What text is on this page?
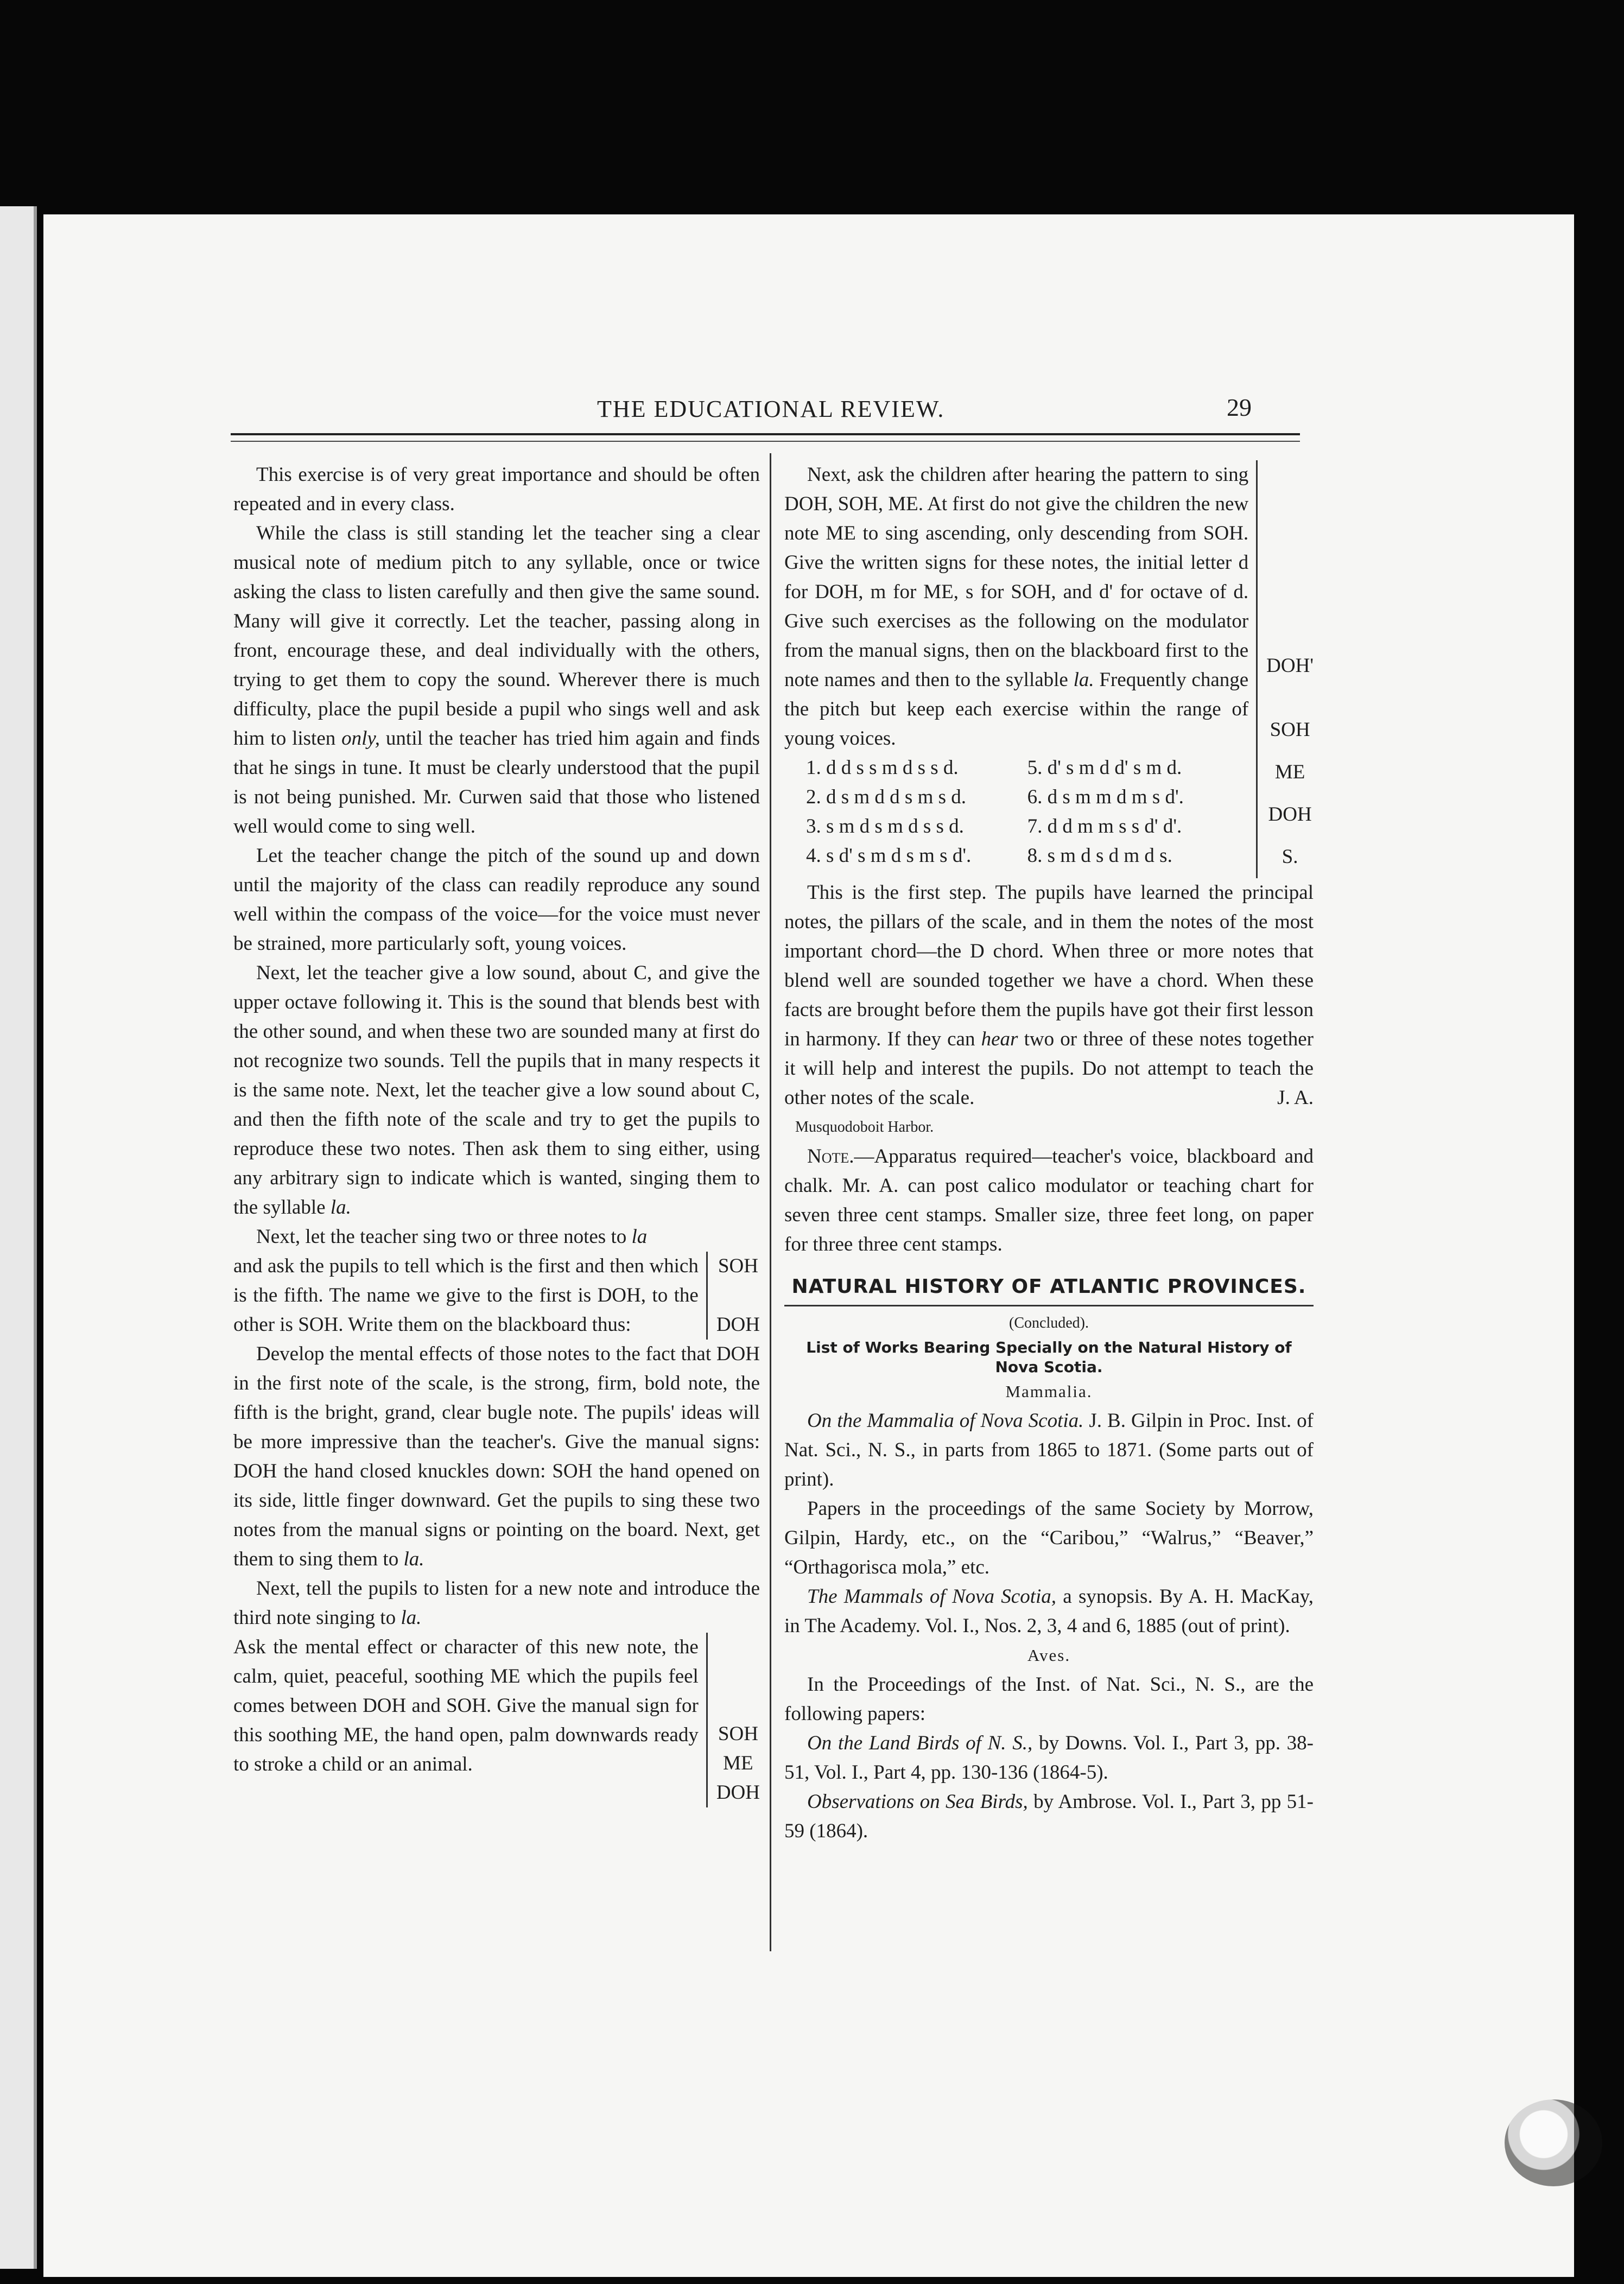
THE EDUCATIONAL REVIEW.	29

This exercise is of very great importance and should be often repeated and in every class.

While the class is still standing let the teacher sing a clear musical note of medium pitch to any syllable, once or twice asking the class to listen carefully and then give the same sound. Many will give it correctly. Let the teacher, passing along in front, encourage these, and deal individually with the others, trying to get them to copy the sound. Wherever there is much difficulty, place the pupil beside a pupil who sings well and ask him to listen only, until the teacher has tried him again and finds that he sings in tune. It must be clearly understood that the pupil is not being punished. Mr. Curwen said that those who listened well would come to sing well.

Let the teacher change the pitch of the sound up and down until the majority of the class can readily reproduce any sound well within the compass of the voice—for the voice must never be strained, more particularly soft, young voices.

Next, let the teacher give a low sound, about C, and give the upper octave following it. This is the sound that blends best with the other sound, and when these two are sounded many at first do not recognize two sounds. Tell the pupils that in many respects it is the same note. Next, let the teacher give a low sound about C, and then the fifth note of the scale and try to get the pupils to reproduce these two notes. Then ask them to sing either, using any arbitrary sign to indicate which is wanted, singing them to the syllable la.

Next, let the teacher sing two or three notes to la

and ask the pupils to tell which is the first and then which is the fifth. The name we give to the first is DOH, to the other is SOH. Write them on the blackboard thus:
SOH
DOH

Develop the mental effects of those notes to the fact that DOH in the first note of the scale, is the strong, firm, bold note, the fifth is the bright, grand, clear bugle note. The pupils' ideas will be more impressive than the teacher's. Give the manual signs: DOH the hand closed knuckles down: SOH the hand opened on its side, little finger downward. Get the pupils to sing these two notes from the manual signs or pointing on the board. Next, get them to sing them to la.

Next, tell the pupils to listen for a new note and introduce the third note singing to la.

Ask the mental effect or character of this new note, the calm, quiet, peaceful, soothing ME which the pupils feel comes between DOH and SOH. Give the manual sign for this soothing ME, the hand open, palm downwards ready to stroke a child or an animal.
SOH
ME
DOH

Next, ask the children after hearing the pattern to sing DOH, SOH, ME. At first do not give the children the new note ME to sing ascending, only descending from SOH. Give the written signs for these notes, the initial letter d for DOH, m for ME, s for SOH, and d' for octave of d. Give such exercises as the following on the modulator from the manual signs, then on the blackboard first to the note names and then to the syllable la. Frequently change the pitch but keep each exercise within the range of young voices.

1. d d s s m d s s d.	5. d' s m d d' s m d.
2. d s m d d s m s d.	6. d s m m d m s d'.
3. s m d s m d s s d.	7. d d m m s s d' d'.
4. s d' s m d s m s d'.	8. s m d s d m d s.
DOH'
SOH
ME
DOH
S.

This is the first step. The pupils have learned the principal notes, the pillars of the scale, and in them the notes of the most important chord—the D chord. When three or more notes that blend well are sounded together we have a chord. When these facts are brought before them the pupils have got their first lesson in harmony. If they can hear two or three of these notes together it will help and interest the pupils. Do not attempt to teach the other notes of the scale.	J. A.

Musquodoboit Harbor.

Note.—Apparatus required—teacher's voice, blackboard and chalk. Mr. A. can post calico modulator or teaching chart for seven three cent stamps. Smaller size, three feet long, on paper for three three cent stamps.

NATURAL HISTORY OF ATLANTIC PROVINCES.
(Concluded).
List of Works Bearing Specially on the Natural History of Nova Scotia.
Mammalia.

On the Mammalia of Nova Scotia. J. B. Gilpin in Proc. Inst. of Nat. Sci., N. S., in parts from 1865 to 1871. (Some parts out of print).

Papers in the proceedings of the same Society by Morrow, Gilpin, Hardy, etc., on the “Caribou,” “Walrus,” “Beaver,” “Orthagorisca mola,” etc.

The Mammals of Nova Scotia, a synopsis. By A. H. MacKay, in The Academy. Vol. I., Nos. 2, 3, 4 and 6, 1885 (out of print).

Aves.

In the Proceedings of the Inst. of Nat. Sci., N. S., are the following papers:

On the Land Birds of N. S., by Downs. Vol. I., Part 3, pp. 38-51, Vol. I., Part 4, pp. 130-136 (1864-5).

Observations on Sea Birds, by Ambrose. Vol. I., Part 3, pp 51-59 (1864).
